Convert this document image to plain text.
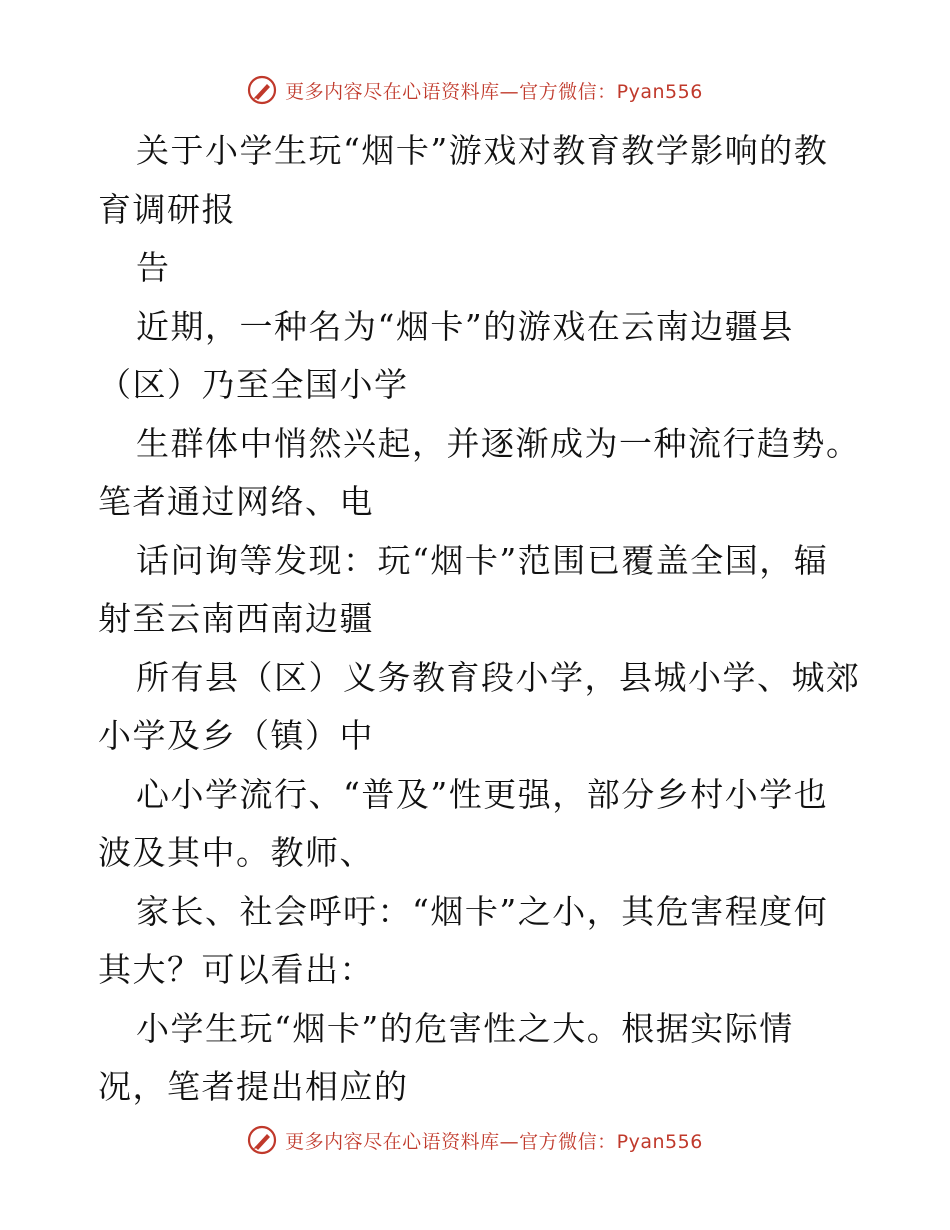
更多内容尽在心语资料库—官方微信：Pyan556
关于小学生玩“烟卡”游戏对教育教学影响的教
育调研报
告
近期，一种名为“烟卡”的游戏在云南边疆县
（区）乃至全国小学
生群体中悄然兴起，并逐渐成为一种流行趋势。
笔者通过网络、电
话问询等发现：玩“烟卡”范围已覆盖全国，辐
射至云南西南边疆
所有县（区）义务教育段小学，县城小学、城郊
小学及乡（镇）中
心小学流行、“普及”性更强，部分乡村小学也
波及其中。教师、
家长、社会呼吁：“烟卡”之小，其危害程度何
其大？可以看出：
小学生玩“烟卡”的危害性之大。根据实际情
况，笔者提出相应的
更多内容尽在心语资料库—官方微信：Pyan556
